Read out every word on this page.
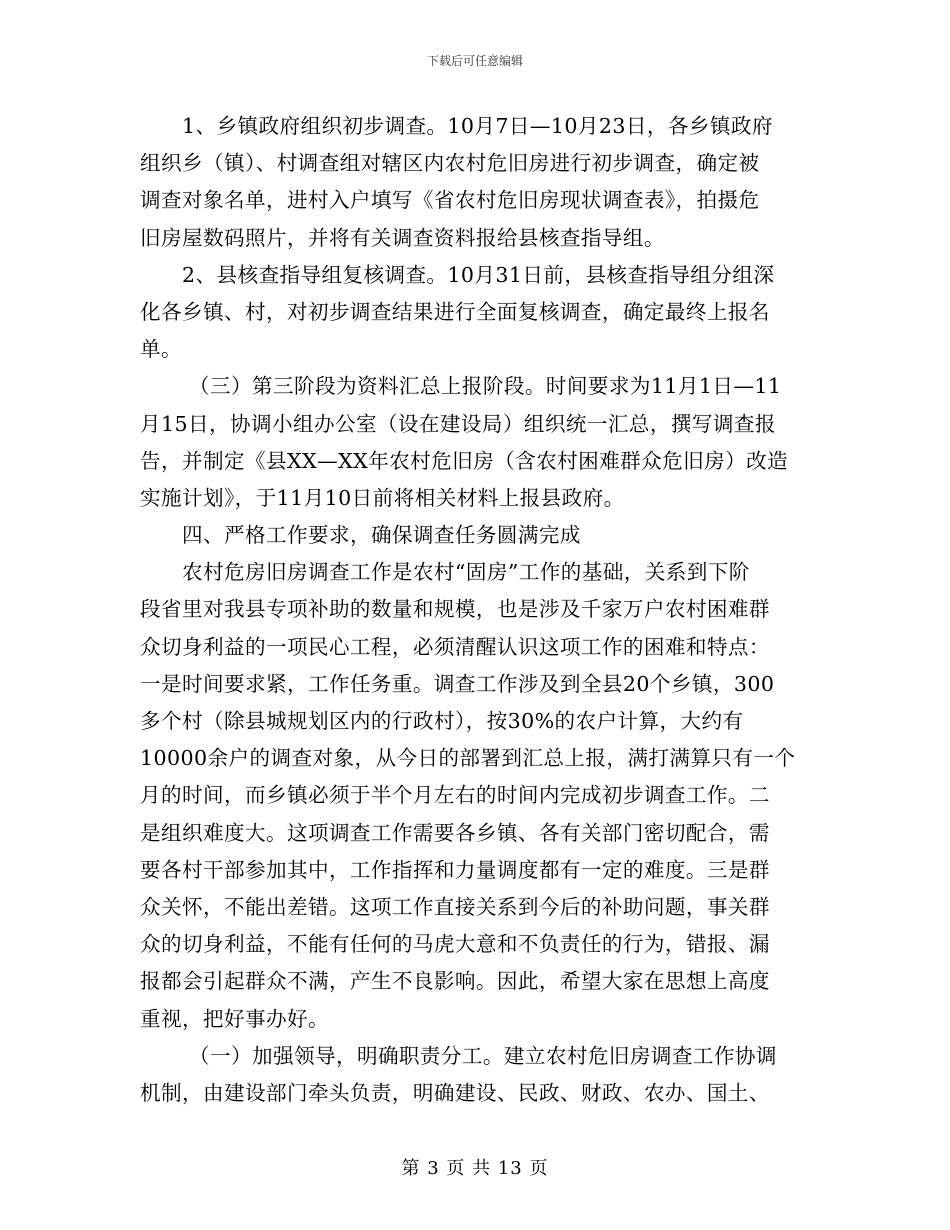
下载后可任意编辑
1、乡镇政府组织初步调查。10月7日—10月23日，各乡镇政府
组织乡（镇）、村调查组对辖区内农村危旧房进行初步调查，确定被
调查对象名单，进村入户填写《省农村危旧房现状调查表》，拍摄危
旧房屋数码照片，并将有关调查资料报给县核查指导组。
2、县核查指导组复核调查。10月31日前，县核查指导组分组深
化各乡镇、村，对初步调查结果进行全面复核调查，确定最终上报名
单。
（三）第三阶段为资料汇总上报阶段。时间要求为11月1日—11
月15日，协调小组办公室（设在建设局）组织统一汇总，撰写调查报
告，并制定《县XX—XX年农村危旧房（含农村困难群众危旧房）改造
实施计划》，于11月10日前将相关材料上报县政府。
四、严格工作要求，确保调查任务圆满完成
农村危房旧房调查工作是农村“固房”工作的基础，关系到下阶
段省里对我县专项补助的数量和规模，也是涉及千家万户农村困难群
众切身利益的一项民心工程，必须清醒认识这项工作的困难和特点：
一是时间要求紧，工作任务重。调查工作涉及到全县20个乡镇，300
多个村（除县城规划区内的行政村），按30%的农户计算，大约有
10000余户的调查对象，从今日的部署到汇总上报，满打满算只有一个
月的时间，而乡镇必须于半个月左右的时间内完成初步调查工作。二
是组织难度大。这项调查工作需要各乡镇、各有关部门密切配合，需
要各村干部参加其中，工作指挥和力量调度都有一定的难度。三是群
众关怀，不能出差错。这项工作直接关系到今后的补助问题，事关群
众的切身利益，不能有任何的马虎大意和不负责任的行为，错报、漏
报都会引起群众不满，产生不良影响。因此，希望大家在思想上高度
重视，把好事办好。
（一）加强领导，明确职责分工。建立农村危旧房调查工作协调
机制，由建设部门牵头负责，明确建设、民政、财政、农办、国土、
第 3 页 共 13 页
